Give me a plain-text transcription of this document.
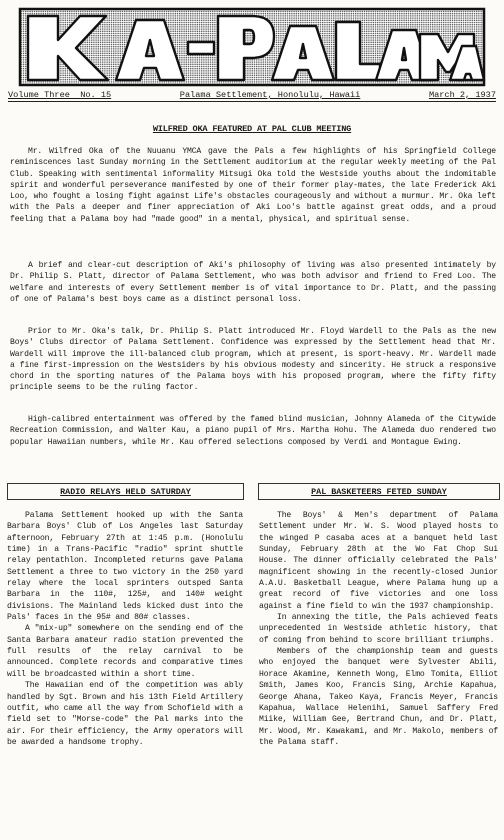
Volume Three  No. 15	Palama Settlement, Honolulu, Hawaii	March 2, 1937
WILFRED OKA FEATURED AT PAL CLUB MEETING

Mr. Wilfred Oka of the Nuuanu YMCA gave the Pals a few highlights of his Springfield College reminiscences last Sunday morning in the Settlement auditorium at the regular weekly meeting of the Pal Club. Speaking with sentimental informality Mitsugi Oka told the Westside youths about the indomitable spirit and wonderful perseverance manifested by one of their former play-mates, the late Frederick Aki Loo, who fought a losing fight against Life's obstacles courageously and without a murmur. Mr. Oka left with the Pals a deeper and finer appreciation of Aki Loo's battle against great odds, and a proud feeling that a Palama boy had "made good" in a mental, physical, and spiritual sense.

A brief and clear-cut description of Aki's philosophy of living was also presented intimately by Dr. Philip S. Platt, director of Palama Settlement, who was both advisor and friend to Fred Loo. The welfare and interests of every Settlement member is of vital importance to Dr. Platt, and the passing of one of Palama's best boys came as a distinct personal loss.

Prior to Mr. Oka's talk, Dr. Philip S. Platt introduced Mr. Floyd Wardell to the Pals as the new Boys' Clubs director of Palama Settlement. Confidence was expressed by the Settlement head that Mr. Wardell will improve the ill-balanced club program, which at present, is sport-heavy. Mr. Wardell made a fine first-impression on the Westsiders by his obvious modesty and sincerity. He struck a responsive chord in the sporting natures of the Palama boys with his proposed program, where the fifty fifty principle seems to be the ruling factor.

High-calibred entertainment was offered by the famed blind musician, Johnny Alameda of the Citywide Recreation Commission, and Walter Kau, a piano pupil of Mrs. Martha Hohu. The Alameda duo rendered two popular Hawaiian numbers, while Mr. Kau offered selections composed by Verdi and Montague Ewing.

RADIO RELAYS HELD SATURDAY	PAL BASKETEERS FETED SUNDAY

Palama Settlement hooked up with the Santa Barbara Boys' Club of Los Angeles last Saturday afternoon, February 27th at 1:45 p.m. (Honolulu time) in a Trans-Pacific "radio" sprint shuttle relay pentathlon. Incompleted returns gave Palama Settlement a three to two victory in the 250 yard relay where the local sprinters outsped Santa Barbara in the 110#, 125#, and 140# weight divisions. The Mainland leds kicked dust into the Pals' faces in the 95# and 80# classes.

A "mix-up" somewhere on the sending end of the Santa Barbara amateur radio station prevented the full results of the relay carnival to be announced. Complete records and comparative times will be broadcasted within a short time.

The Hawaiian end of the competition was ably handled by Sgt. Brown and his 13th Field Artillery outfit, who came all the way from Schofield with a field set to "Morse-code" the Pal marks into the air. For their efficiency, the Army operators will be awarded a handsome trophy.

The Boys' & Men's department of Palama Settlement under Mr. W. S. Wood played hosts to the winged P casaba aces at a banquet held last Sunday, February 28th at the Wo Fat Chop Sui House. The dinner officially celebrated the Pals' magnificent showing in the recently-closed Junior A.A.U. Basketball League, where Palama hung up a great record of five victories and one loss against a fine field to win the 1937 championship.

In annexing the title, the Pals achieved feats unprecedented in Westside athletic history, that of coming from behind to score brilliant triumphs.

Members of the championship team and guests who enjoyed the banquet were Sylvester Abili, Horace Akamine, Kenneth Wong, Elmo Tomita, Elliot Smith, James Koo, Francis Sing, Archie Kapahua, George Ahana, Takeo Kaya, Francis Meyer, Francis Kapahua, Wallace Helenihi, Samuel Saffery Fred Miike, William Gee, Bertrand Chun, and Dr. Platt, Mr. Wood, Mr. Kawakami, and Mr. Makolo, members of the Palama staff.
